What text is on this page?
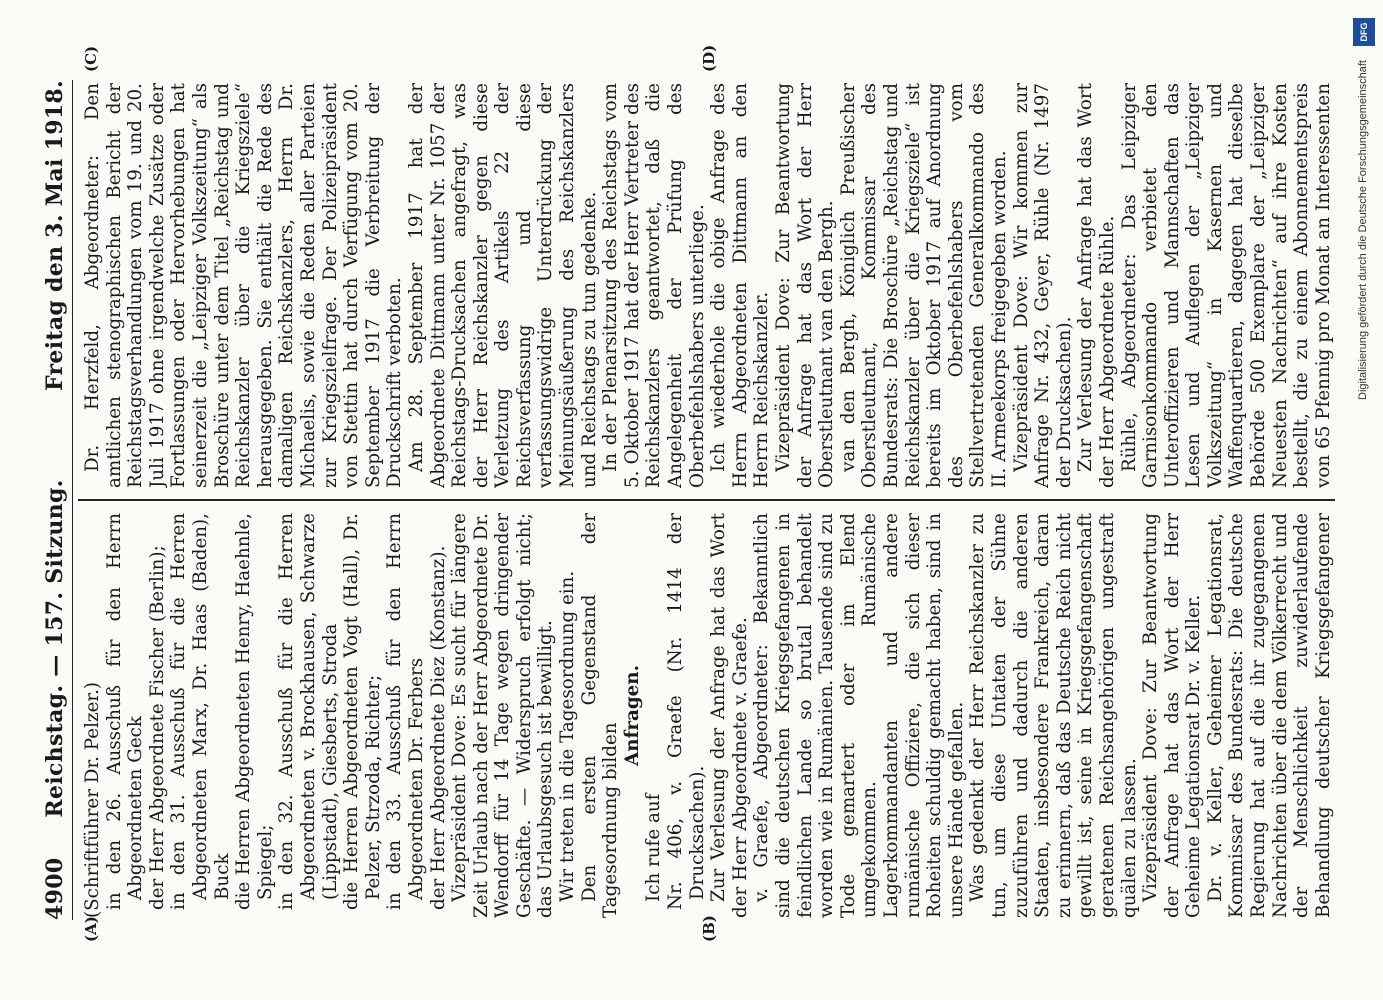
4900
Reichstag. — 157. Sitzung.
Freitag den 3. Mai 1918.
(A)	(B)
(C)	(D)

(Schriftführer Dr. Pelzer.) in den 26. Ausschuß für den Herrn Abgeordneten Geck der Herr Abgeordnete Fischer (Berlin); in den 31. Ausschuß für die Herren Abgeordneten Marx, Dr. Haas (Baden), Buck die Herren Abgeordneten Henry, Haehnle, Spiegel; in den 32. Ausschuß für die Herren Abgeordneten v. Brockhausen, Schwarze (Lippstadt), Giesberts, Stroda die Herren Abgeordneten Vogt (Hall), Dr. Pelzer, Strzoda, Richter; in den 33. Ausschuß für den Herrn Abgeordneten Dr. Ferbers der Herr Abgeordnete Diez (Konstanz). Vizepräsident Dove: Es sucht für längere Zeit Urlaub nach der Herr Abgeordnete Dr. Wendorff für 14 Tage wegen dringender Geschäfte. — Widerspruch erfolgt nicht; das Urlaubsgesuch ist bewilligt. Wir treten in die Tagesordnung ein. Den ersten Gegenstand der Tagesordnung bilden

Anfragen.

Ich rufe auf Nr. 406, v. Graefe (Nr. 1414 der Drucksachen). Zur Verlesung der Anfrage hat das Wort der Herr Abgeordnete v. Graefe. v. Graefe, Abgeordneter: Bekanntlich sind die deutschen Kriegsgefangenen in feindlichen Lande so brutal behandelt worden wie in Rumänien. Tausende sind zu Tode gemartert oder im Elend umgekommen. Rumänische Lagerkommandanten und andere rumänische Offiziere, die sich dieser Roheiten schuldig gemacht haben, sind in unsere Hände gefallen. Was gedenkt der Herr Reichskanzler zu tun, um diese Untaten der Sühne zuzuführen und dadurch die anderen Staaten, insbesondere Frankreich, daran zu erinnern, daß das Deutsche Reich nicht gewillt ist, seine in Kriegsgefangenschaft geratenen Reichsangehörigen ungestraft quälen zu lassen. Vizepräsident Dove: Zur Beantwortung der Anfrage hat das Wort der Herr Geheime Legationsrat Dr. v. Keller. Dr. v. Keller, Geheimer Legationsrat, Kommissar des Bundesrats: Die deutsche Regierung hat auf die ihr zugegangenen Nachrichten über die dem Völkerrecht und der Menschlichkeit zuwiderlaufende Behandlung deutscher Kriegsgefangener

Dr. Herzfeld, Abgeordneter: Den amtlichen stenographischen Bericht der Reichstagsverhandlungen vom 19. und 20. Juli 1917 ohne irgendwelche Zusätze oder Fortlassungen oder Hervorhebungen hat seinerzeit die „Leipziger Volkszeitung“ als Broschüre unter dem Titel „Reichstag und Reichskanzler über die Kriegsziele“ herausgegeben. Sie enthält die Rede des damaligen Reichskanzlers, Herrn Dr. Michaelis, sowie die Reden aller Parteien zur Kriegszielfrage. Der Polizeipräsident von Stettin hat durch Verfügung vom 20. September 1917 die Verbreitung der Druckschrift verboten. Am 28. September 1917 hat der Abgeordnete Dittmann unter Nr. 1057 der Reichstags-Drucksachen angefragt, was der Herr Reichskanzler gegen diese Verletzung des Artikels 22 der Reichsverfassung und diese verfassungswidrige Unterdrückung der Meinungsäußerung des Reichskanzlers und Reichstags zu tun gedenke. In der Plenarsitzung des Reichstags vom 5. Oktober 1917 hat der Herr Vertreter des Reichskanzlers geantwortet, daß die Angelegenheit der Prüfung des Oberbefehlshabers unterliege. Ich wiederhole die obige Anfrage des Herrn Abgeordneten Dittmann an den Herrn Reichskanzler. Vizepräsident Dove: Zur Beantwortung der Anfrage hat das Wort der Herr Oberstleutnant van den Bergh. van den Bergh, Königlich Preußischer Oberstleutnant, Kommissar des Bundesrats: Die Broschüre „Reichstag und Reichskanzler über die Kriegsziele“ ist bereits im Oktober 1917 auf Anordnung des Oberbefehlshabers vom Stellvertretenden Generalkommando des II. Armeekorps freigegeben worden. Vizepräsident Dove: Wir kommen zur Anfrage Nr. 432, Geyer, Rühle (Nr. 1497 der Drucksachen). Zur Verlesung der Anfrage hat das Wort der Herr Abgeordnete Rühle. Rühle, Abgeordneter: Das Leipziger Garnisonkommando verbietet den Unteroffizieren und Mannschaften das Lesen und Auflegen der „Leipziger Volkszeitung“ in Kasernen und Waffenquartieren, dagegen hat dieselbe Behörde 500 Exemplare der „Leipziger Neuesten Nachrichten“ auf ihre Kosten bestellt, die zu einem Abonnementspreis von 65 Pfennig pro Monat an Interessenten	Digitalisierung gefördert durch die Deutsche Forschungsgemeinschaft
DFG
